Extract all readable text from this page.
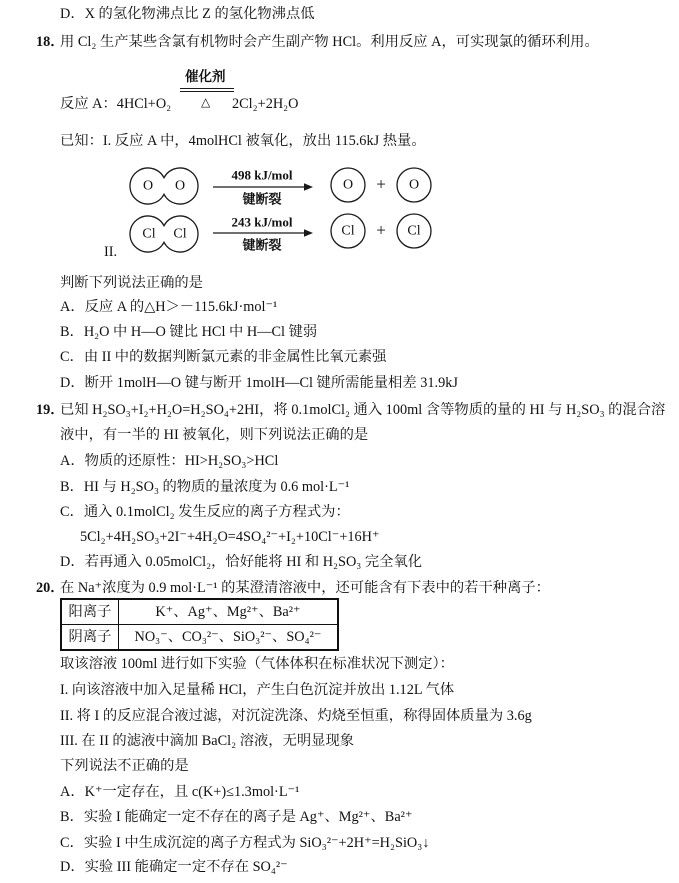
D．X 的氢化物沸点比 Z 的氢化物沸点低
18．用 Cl₂ 生产某些含氯有机物时会产生副产物 HCl。利用反应 A，可实现氯的循环利用。
催化剂
△
反应 A：4HCl+O₂	2Cl₂+2H₂O
已知：I. 反应 A 中，4molHCl 被氧化，放出 115.6kJ 热量。
O O
498 kJ/mol
键断裂
O + O
Cl Cl
243 kJ/mol
键断裂
Cl + Cl
II.
判断下列说法正确的是
A．反应 A 的△H＞－115.6kJ·mol⁻¹
B．H₂O 中 H—O 键比 HCl 中 H—Cl 键弱
C．由 II 中的数据判断氯元素的非金属性比氧元素强
D．断开 1molH—O 键与断开 1molH—Cl 键所需能量相差 31.9kJ
19．已知 H₂SO₃+I₂+H₂O=H₂SO₄+2HI，将 0.1molCl₂ 通入 100ml 含等物质的量的 HI 与 H₂SO₃ 的混合溶
液中，有一半的 HI 被氧化，则下列说法正确的是
A．物质的还原性：HI>H₂SO₃>HCl
B．HI 与 H₂SO₃ 的物质的量浓度为 0.6 mol·L⁻¹
C．通入 0.1molCl₂ 发生反应的离子方程式为：
5Cl₂+4H₂SO₃+2I⁻+4H₂O=4SO₄²⁻+I₂+10Cl⁻+16H⁺
D．若再通入 0.05molCl₂，恰好能将 HI 和 H₂SO₃ 完全氧化
20．在 Na⁺浓度为 0.9 mol·L⁻¹ 的某澄清溶液中，还可能含有下表中的若干种离子：
阳离子	K⁺、Ag⁺、Mg²⁺、Ba²⁺
阴离子	NO₃⁻、CO₃²⁻、SiO₃²⁻、SO₄²⁻
取该溶液 100ml 进行如下实验（气体体积在标准状况下测定）：
I. 向该溶液中加入足量稀 HCl，产生白色沉淀并放出 1.12L 气体
II. 将 I 的反应混合液过滤，对沉淀洗涤、灼烧至恒重，称得固体质量为 3.6g
III. 在 II 的滤液中滴加 BaCl₂ 溶液，无明显现象
下列说法不正确的是
A．K⁺一定存在，且 c(K+)≤1.3mol·L⁻¹
B．实验 I 能确定一定不存在的离子是 Ag⁺、Mg²⁺、Ba²⁺
C．实验 I 中生成沉淀的离子方程式为 SiO₃²⁻+2H⁺=H₂SiO₃↓
D．实验 III 能确定一定不存在 SO₄²⁻
